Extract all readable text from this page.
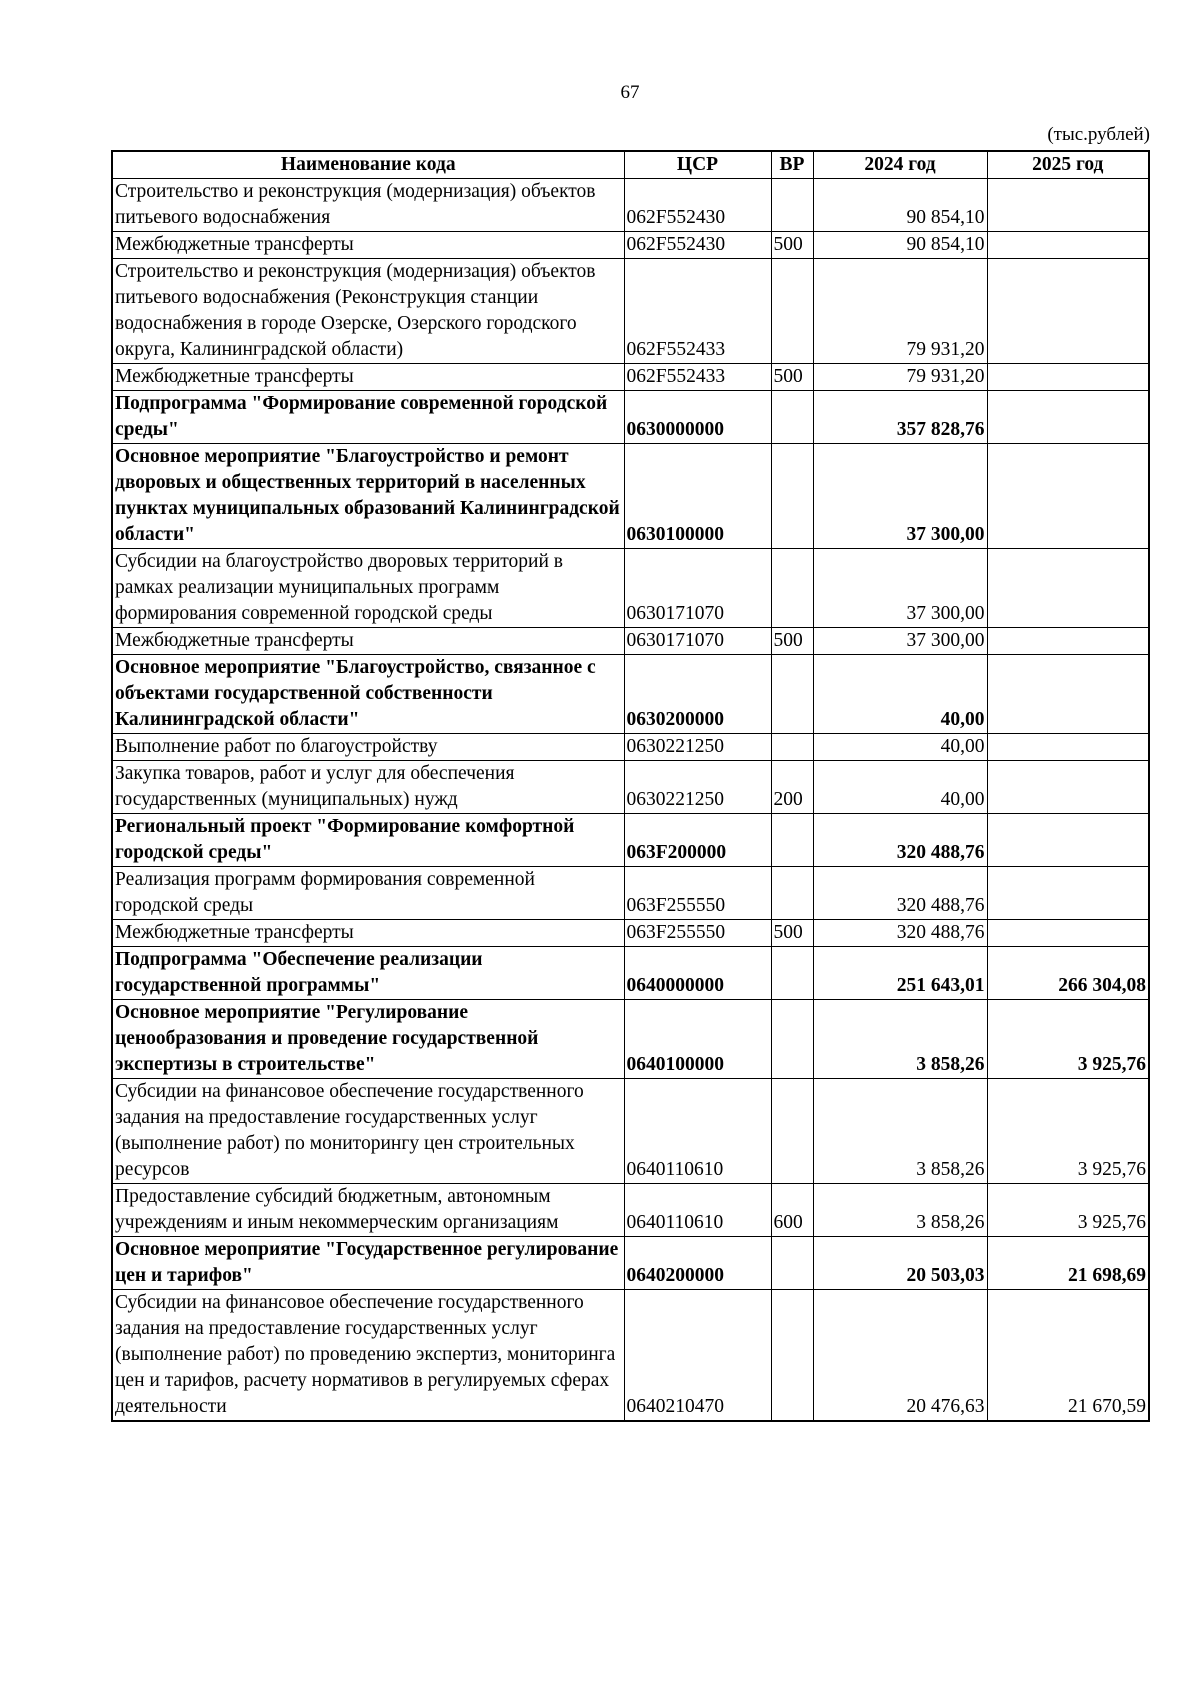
67
(тыс.рублей)
Наименование кода	ЦСР	ВР	2024 год	2025 год
Строительство и реконструкция (модернизация) объектов питьевого водоснабжения	062F552430		90 854,10	
Межбюджетные трансферты	062F552430	500	90 854,10	
Строительство и реконструкция (модернизация) объектов питьевого водоснабжения (Реконструкция станции водоснабжения в городе Озерске, Озерского городского округа, Калининградской области)	062F552433		79 931,20	
Межбюджетные трансферты	062F552433	500	79 931,20	
Подпрограмма "Формирование современной городской среды"	0630000000		357 828,76	
Основное мероприятие "Благоустройство и ремонт дворовых и общественных территорий в населенных пунктах муниципальных образований Калининградской области"	0630100000		37 300,00	
Субсидии на благоустройство дворовых территорий в рамках реализации муниципальных программ формирования современной городской среды	0630171070		37 300,00	
Межбюджетные трансферты	0630171070	500	37 300,00	
Основное мероприятие "Благоустройство, связанное с объектами государственной собственности Калининградской области"	0630200000		40,00	
Выполнение работ по благоустройству	0630221250		40,00	
Закупка товаров, работ и услуг для обеспечения государственных (муниципальных) нужд	0630221250	200	40,00	
Региональный проект "Формирование комфортной городской среды"	063F200000		320 488,76	
Реализация программ формирования современной городской среды	063F255550		320 488,76	
Межбюджетные трансферты	063F255550	500	320 488,76	
Подпрограмма "Обеспечение реализации государственной программы"	0640000000		251 643,01	266 304,08
Основное мероприятие "Регулирование ценообразования и проведение государственной экспертизы в строительстве"	0640100000		3 858,26	3 925,76
Субсидии на финансовое обеспечение государственного задания на предоставление государственных услуг (выполнение работ) по мониторингу цен строительных ресурсов	0640110610		3 858,26	3 925,76
Предоставление субсидий бюджетным, автономным учреждениям и иным некоммерческим организациям	0640110610	600	3 858,26	3 925,76
Основное мероприятие "Государственное регулирование цен и тарифов"	0640200000		20 503,03	21 698,69
Субсидии на финансовое обеспечение государственного задания на предоставление государственных услуг (выполнение работ) по проведению экспертиз, мониторинга цен и тарифов, расчету нормативов в регулируемых сферах деятельности	0640210470		20 476,63	21 670,59
